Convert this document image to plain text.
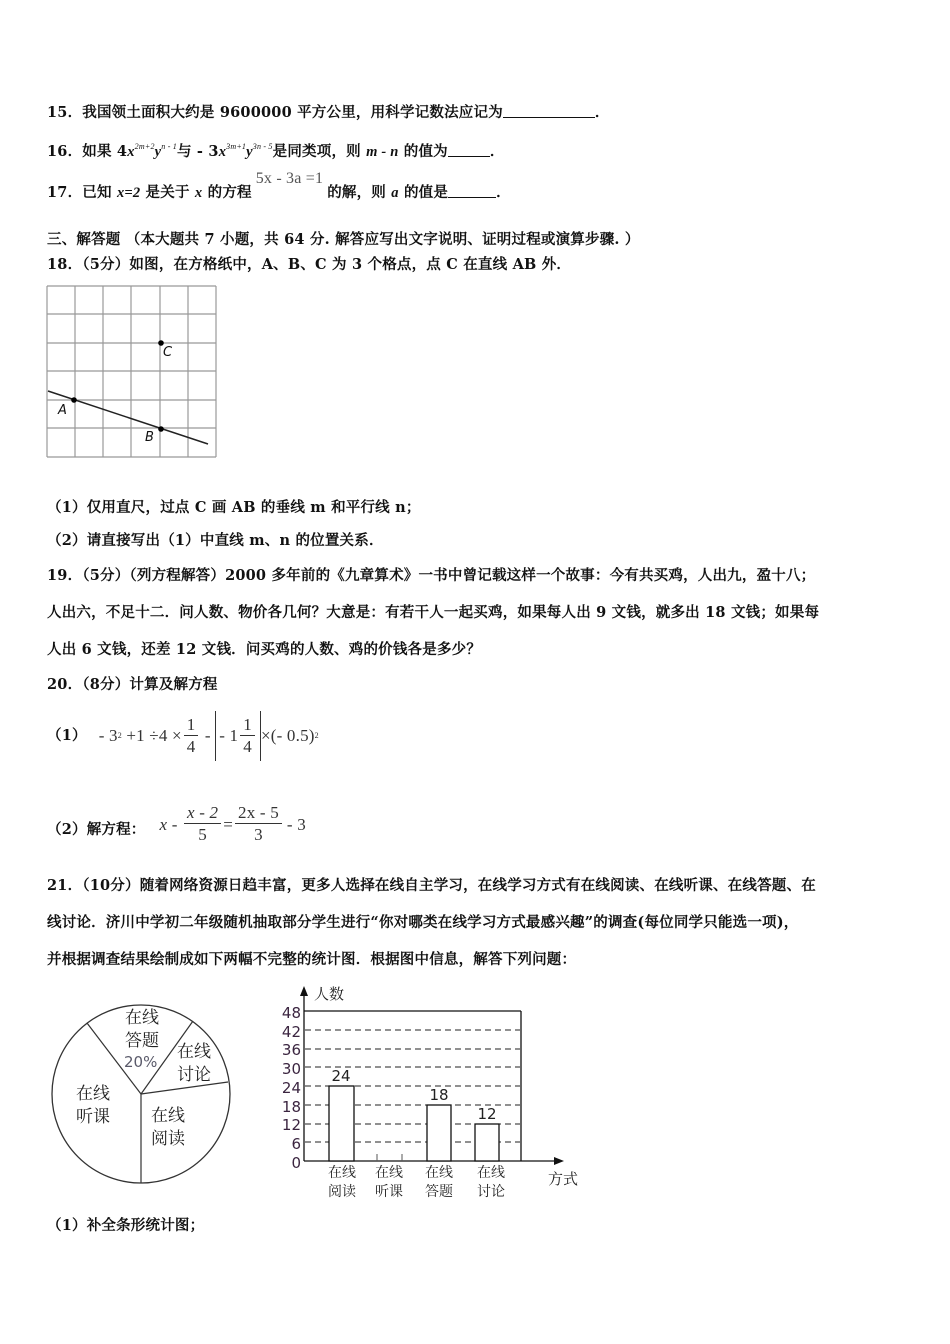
15．我国领土面积大约是 9600000 平方公里，用科学记数法应记为	．
16．如果 $4x^{2m+2}y^{n - 1}$与 - $3x^{3m+1}y^{3n - 5}$是同类项，则 m - n 的值为	．
17．已知 x=2 是关于 x 的方程5x - 3a =1的解，则 a 的值是	．
三、解答题 （本大题共 7 小题，共 64 分. 解答应写出文字说明、证明过程或演算步骤. ）
18．（5分）如图，在方格纸中，A、B、C 为 3 个格点，点 C 在直线 AB 外．
A
B
C
（1）仅用直尺，过点 C 画 AB 的垂线 m 和平行线 n；
（2）请直接写出（1）中直线 m、n 的位置关系．
19．（5分）（列方程解答）2000 多年前的《九章算术》一书中曾记载这样一个故事：今有共买鸡，人出九，盈十八；
人出六，不足十二．问人数、物价各几何？大意是：有若干人一起买鸡，如果每人出 9 文钱，就多出 18 文钱；如果每
人出 6 文钱，还差 12 文钱．问买鸡的人数、鸡的价钱各是多少？
20．（8分）计算及解方程
（1） - 3 $2 +1 \div 4 \times \frac{1}{4}$ - - $1 \frac{1}{4}$ ×(- 0.5) 2
（2）解方程： $x - \frac{x - 2}{5} = \frac{2x - 5}{3} - 3$
21．（10分）随着网络资源日趋丰富，更多人选择在线自主学习，在线学习方式有在线阅读、在线听课、在线答题、在
线讨论．济川中学初二年级随机抽取部分学生进行“你对哪类在线学习方式最感兴趣”的调查(每位同学只能选一项)，
并根据调查结果绘制成如下两幅不完整的统计图．根据图中信息，解答下列问题：
在线
答题
20% 在线
讨论
在线
阅读
在线
听课
24
18
12
0
6
12
18
24
30
36
42
48
人数
在线
阅读
在线
听课
在线
答题
在线
讨论
方式
（1）补全条形统计图；
